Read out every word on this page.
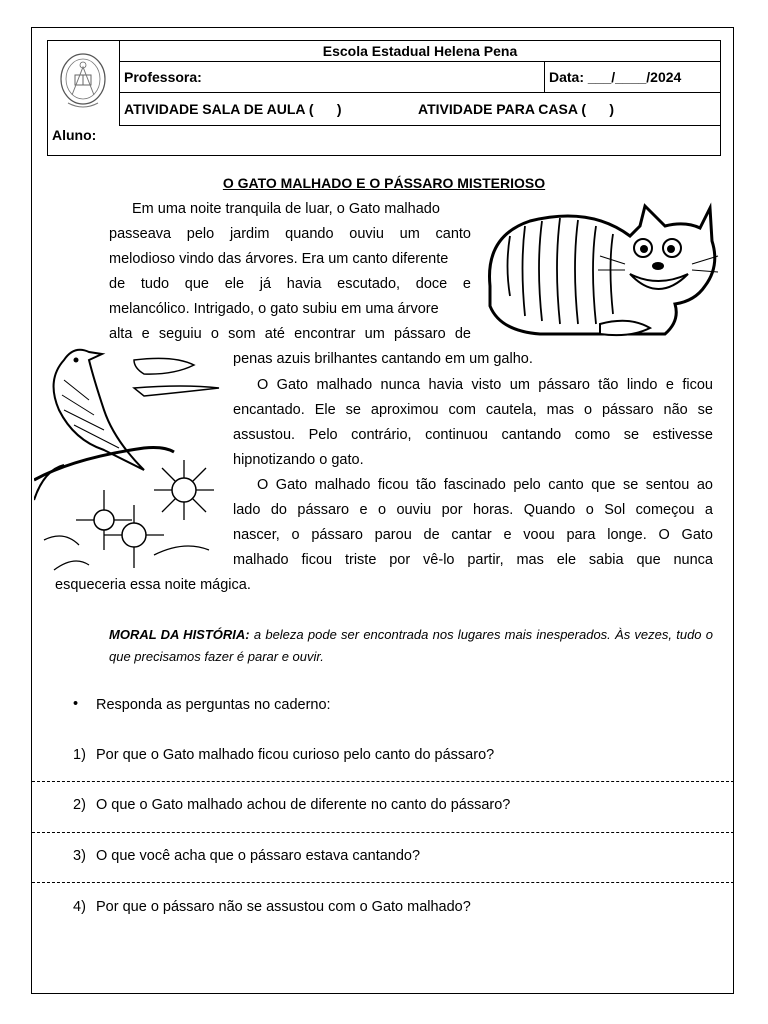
Escola Estadual Helena Pena
Professora:	Data: ___/____/2024
ATIVIDADE SALA DE AULA (      )	ATIVIDADE PARA CASA (      )
Aluno:
O GATO MALHADO E O PÁSSARO MISTERIOSO
Em uma noite tranquila de luar, o Gato malhado
passeava pelo jardim quando ouviu um canto
melodioso vindo das árvores. Era um canto diferente
de tudo que ele já havia escutado, doce e
melancólico. Intrigado, o gato subiu em uma árvore
alta e seguiu o som até encontrar um pássaro de
penas azuis brilhantes cantando em um galho.
O Gato malhado nunca havia visto um pássaro tão lindo e ficou
encantado. Ele se aproximou com cautela, mas o pássaro não se
assustou. Pelo contrário, continuou cantando como se estivesse
hipnotizando o gato.
O Gato malhado ficou tão fascinado pelo canto que se sentou ao
lado do pássaro e o ouviu por horas. Quando o Sol começou a
nascer, o pássaro parou de cantar e voou para longe. O Gato
malhado ficou triste por vê-lo partir, mas ele sabia que nunca
esqueceria essa noite mágica.
MORAL DA HISTÓRIA: a beleza pode ser encontrada nos lugares mais inesperados. Às vezes, tudo o que precisamos fazer é parar e ouvir.
• Responda as perguntas no caderno:
1) Por que o Gato malhado ficou curioso pelo canto do pássaro?
2) O que o Gato malhado achou de diferente no canto do pássaro?
3) O que você acha que o pássaro estava cantando?
4) Por que o pássaro não se assustou com o Gato malhado?
